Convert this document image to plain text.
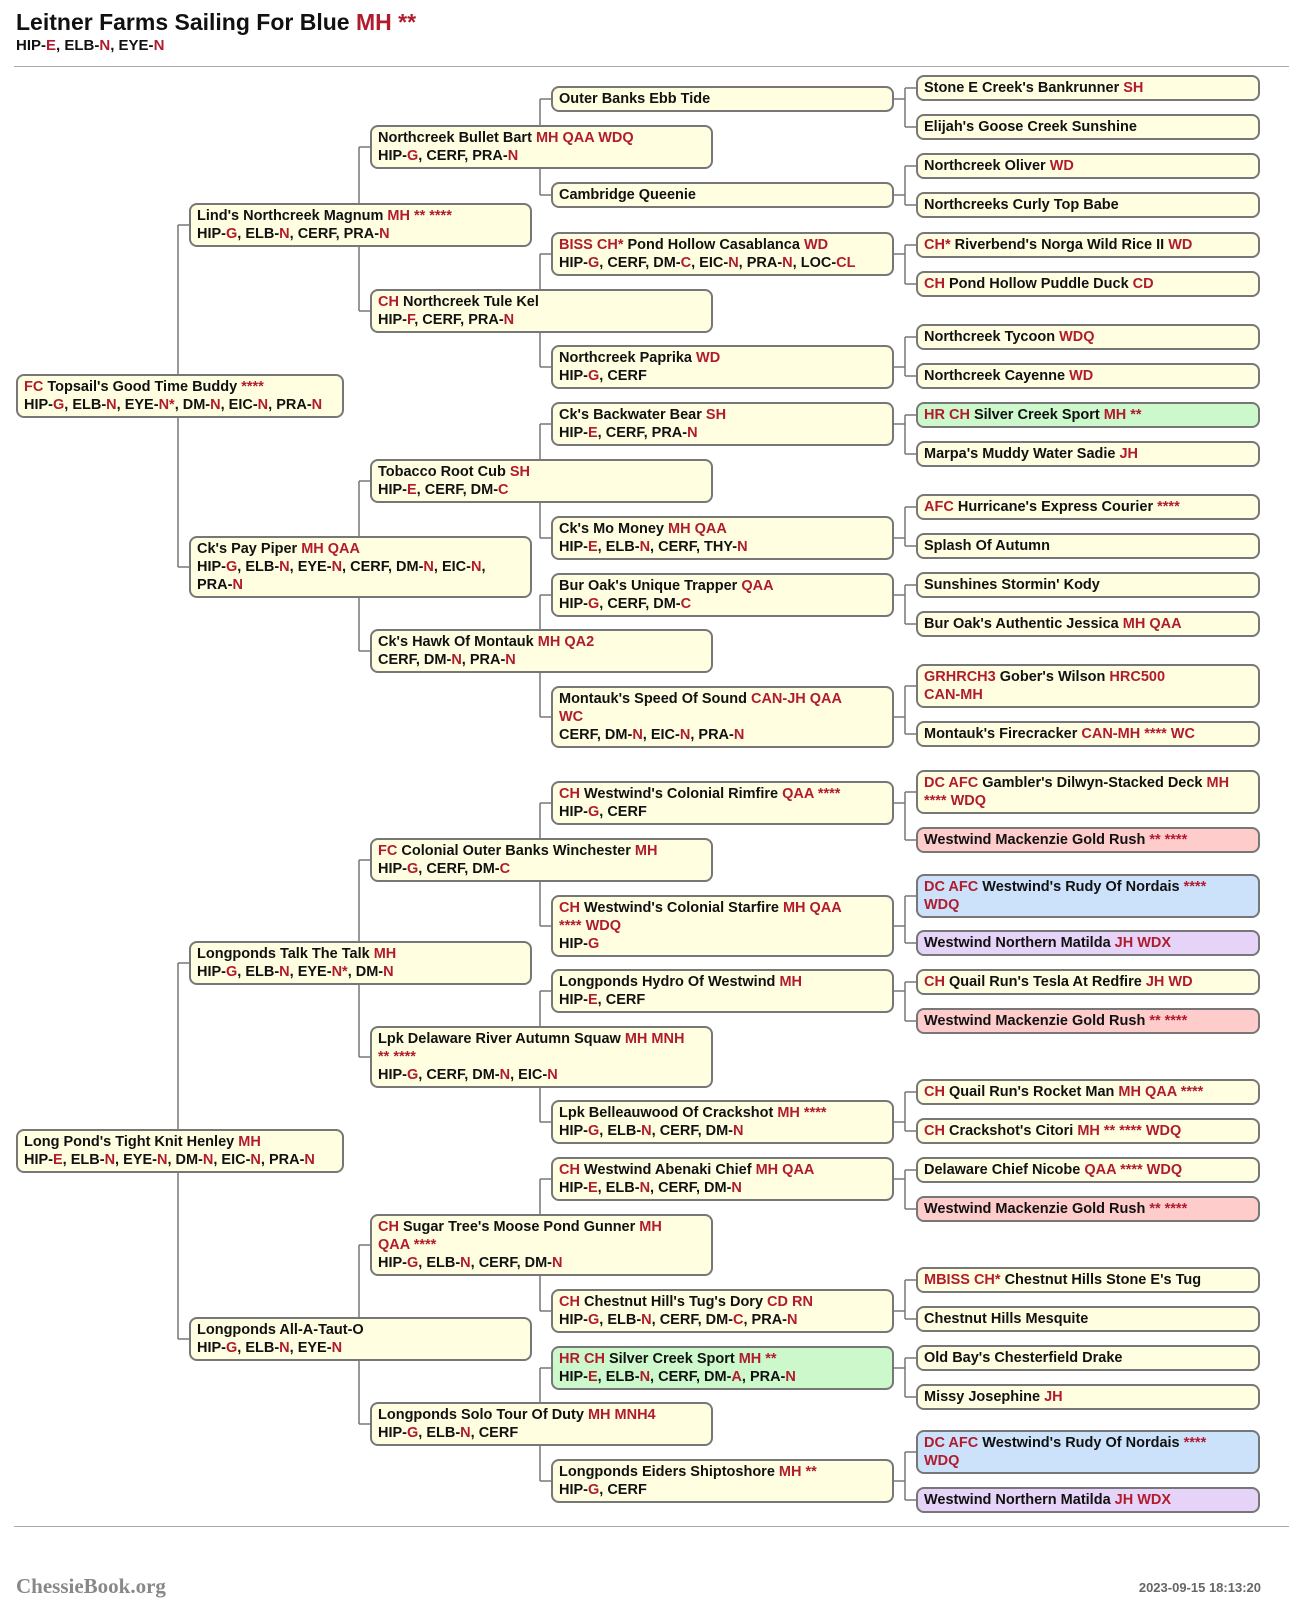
Leitner Farms Sailing For Blue MH **
HIP-E, ELB-N, EYE-N
FC Topsail's Good Time Buddy ****
HIP-G, ELB-N, EYE-N*, DM-N, EIC-N, PRA-N
Lind's Northcreek Magnum MH ** ****
HIP-G, ELB-N, CERF, PRA-N
Northcreek Bullet Bart MH QAA WDQ
HIP-G, CERF, PRA-N
Outer Banks Ebb Tide
Stone E Creek's Bankrunner SH
Elijah's Goose Creek Sunshine
Cambridge Queenie
Northcreek Oliver WD
Northcreeks Curly Top Babe
CH Northcreek Tule Kel
HIP-F, CERF, PRA-N
BISS CH* Pond Hollow Casablanca WD
HIP-G, CERF, DM-C, EIC-N, PRA-N, LOC-CL
CH* Riverbend's Norga Wild Rice II WD
CH Pond Hollow Puddle Duck CD
Northcreek Paprika WD
HIP-G, CERF
Northcreek Tycoon WDQ
Northcreek Cayenne WD
Ck's Pay Piper MH QAA
HIP-G, ELB-N, EYE-N, CERF, DM-N, EIC-N,
PRA-N
Tobacco Root Cub SH
HIP-E, CERF, DM-C
Ck's Backwater Bear SH
HIP-E, CERF, PRA-N
HR CH Silver Creek Sport MH **
Marpa's Muddy Water Sadie JH
Ck's Mo Money MH QAA
HIP-E, ELB-N, CERF, THY-N
AFC Hurricane's Express Courier ****
Splash Of Autumn
Ck's Hawk Of Montauk MH QA2
CERF, DM-N, PRA-N
Bur Oak's Unique Trapper QAA
HIP-G, CERF, DM-C
Sunshines Stormin' Kody
Bur Oak's Authentic Jessica MH QAA
Montauk's Speed Of Sound CAN-JH QAA
WC
CERF, DM-N, EIC-N, PRA-N
GRHRCH3 Gober's Wilson HRC500
CAN-MH
Montauk's Firecracker CAN-MH **** WC
Long Pond's Tight Knit Henley MH
HIP-E, ELB-N, EYE-N, DM-N, EIC-N, PRA-N
Longponds Talk The Talk MH
HIP-G, ELB-N, EYE-N*, DM-N
FC Colonial Outer Banks Winchester MH
HIP-G, CERF, DM-C
CH Westwind's Colonial Rimfire QAA ****
HIP-G, CERF
DC AFC Gambler's Dilwyn-Stacked Deck MH
**** WDQ
Westwind Mackenzie Gold Rush ** ****
CH Westwind's Colonial Starfire MH QAA
**** WDQ
HIP-G
DC AFC Westwind's Rudy Of Nordais ****
WDQ
Westwind Northern Matilda JH WDX
Lpk Delaware River Autumn Squaw MH MNH
** ****
HIP-G, CERF, DM-N, EIC-N
Longponds Hydro Of Westwind MH
HIP-E, CERF
CH Quail Run's Tesla At Redfire JH WD
Westwind Mackenzie Gold Rush ** ****
Lpk Belleauwood Of Crackshot MH ****
HIP-G, ELB-N, CERF, DM-N
CH Quail Run's Rocket Man MH QAA ****
CH Crackshot's Citori MH ** **** WDQ
Longponds All-A-Taut-O
HIP-G, ELB-N, EYE-N
CH Sugar Tree's Moose Pond Gunner MH
QAA ****
HIP-G, ELB-N, CERF, DM-N
CH Westwind Abenaki Chief MH QAA
HIP-E, ELB-N, CERF, DM-N
Delaware Chief Nicobe QAA **** WDQ
Westwind Mackenzie Gold Rush ** ****
CH Chestnut Hill's Tug's Dory CD RN
HIP-G, ELB-N, CERF, DM-C, PRA-N
MBISS CH* Chestnut Hills Stone E's Tug
Chestnut Hills Mesquite
Longponds Solo Tour Of Duty MH MNH4
HIP-G, ELB-N, CERF
HR CH Silver Creek Sport MH **
HIP-E, ELB-N, CERF, DM-A, PRA-N
Old Bay's Chesterfield Drake
Missy Josephine JH
Longponds Eiders Shiptoshore MH **
HIP-G, CERF
DC AFC Westwind's Rudy Of Nordais ****
WDQ
Westwind Northern Matilda JH WDX
ChessieBook.org	2023-09-15 18:13:20
